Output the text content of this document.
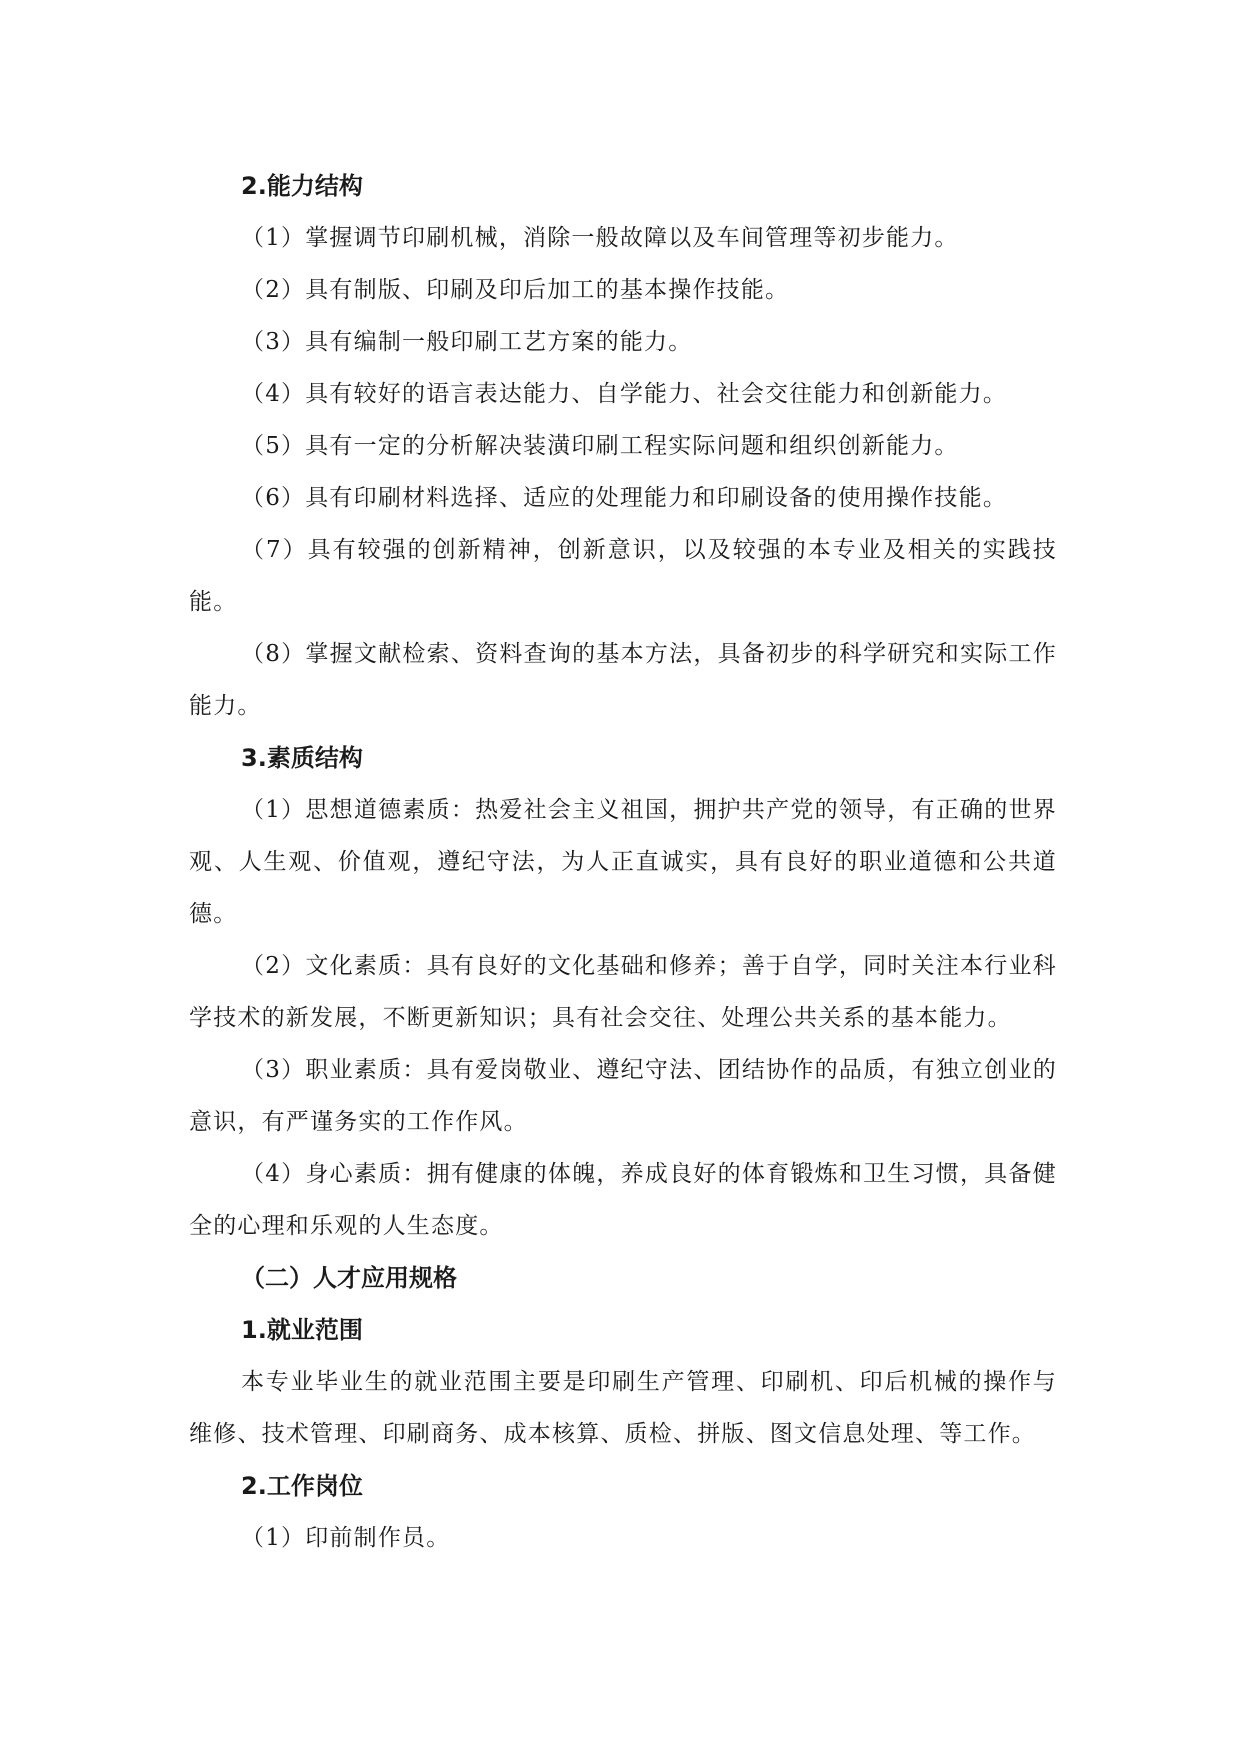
2.能力结构

（1）掌握调节印刷机械，消除一般故障以及车间管理等初步能力。

（2）具有制版、印刷及印后加工的基本操作技能。

（3）具有编制一般印刷工艺方案的能力。

（4）具有较好的语言表达能力、自学能力、社会交往能力和创新能力。

（5）具有一定的分析解决装潢印刷工程实际问题和组织创新能力。

（6）具有印刷材料选择、适应的处理能力和印刷设备的使用操作技能。

（7）具有较强的创新精神，创新意识，以及较强的本专业及相关的实践技能。

（8）掌握文献检索、资料查询的基本方法，具备初步的科学研究和实际工作能力。

3.素质结构

（1）思想道德素质：热爱社会主义祖国，拥护共产党的领导，有正确的世界观、人生观、价值观，遵纪守法，为人正直诚实，具有良好的职业道德和公共道德。

（2）文化素质：具有良好的文化基础和修养；善于自学，同时关注本行业科学技术的新发展，不断更新知识；具有社会交往、处理公共关系的基本能力。

（3）职业素质：具有爱岗敬业、遵纪守法、团结协作的品质，有独立创业的意识，有严谨务实的工作作风。

（4）身心素质：拥有健康的体魄，养成良好的体育锻炼和卫生习惯，具备健全的心理和乐观的人生态度。

（二）人才应用规格
1.就业范围

本专业毕业生的就业范围主要是印刷生产管理、印刷机、印后机械的操作与维修、技术管理、印刷商务、成本核算、质检、拼版、图文信息处理、等工作。

2.工作岗位

（1）印前制作员。
